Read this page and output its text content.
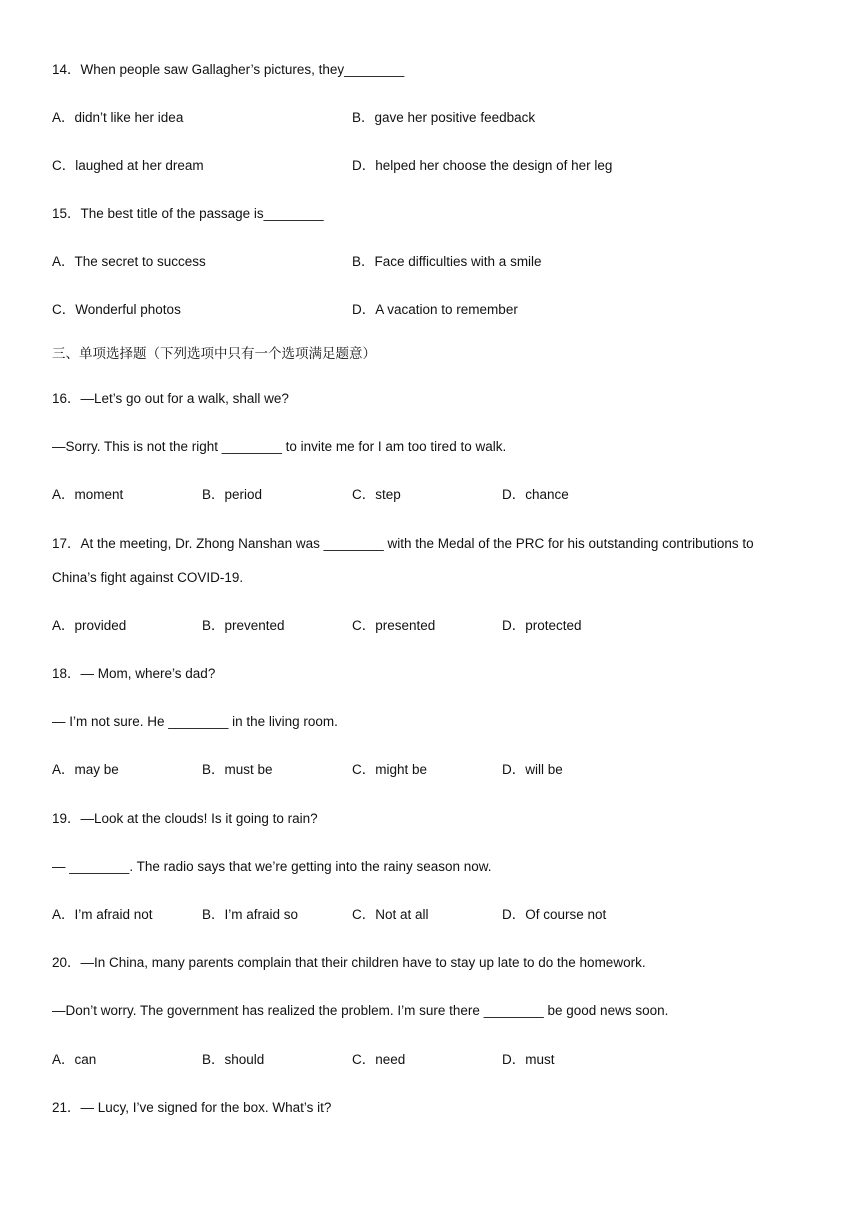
14．When people saw Gallagher’s pictures, they________
A．didn’t like her idea	B．gave her positive feedback
C．laughed at her dream	D．helped her choose the design of her leg
15．The best title of the passage is________
A．The secret to success	B．Face difficulties with a smile
C．Wonderful photos	D．A vacation to remember
三、单项选择题（下列选项中只有一个选项满足题意）
16．—Let’s go out for a walk, shall we?
—Sorry. This is not the right ________ to invite me for I am too tired to walk.
A．moment	B．period	C．step	D．chance
17．At the meeting, Dr. Zhong Nanshan was ________ with the Medal of the PRC for his outstanding contributions to
China’s fight against COVID-19.
A．provided	B．prevented	C．presented	D．protected
18．— Mom, where’s dad?
— I’m not sure. He ________ in the living room.
A．may be	B．must be	C．might be	D．will be
19．—Look at the clouds! Is it going to rain?
— ________. The radio says that we’re getting into the rainy season now.
A．I’m afraid not	B．I’m afraid so	C．Not at all	D．Of course not
20．—In China, many parents complain that their children have to stay up late to do the homework.
—Don’t worry. The government has realized the problem. I’m sure there ________ be good news soon.
A．can	B．should	C．need	D．must
21．— Lucy, I’ve signed for the box. What’s it?
